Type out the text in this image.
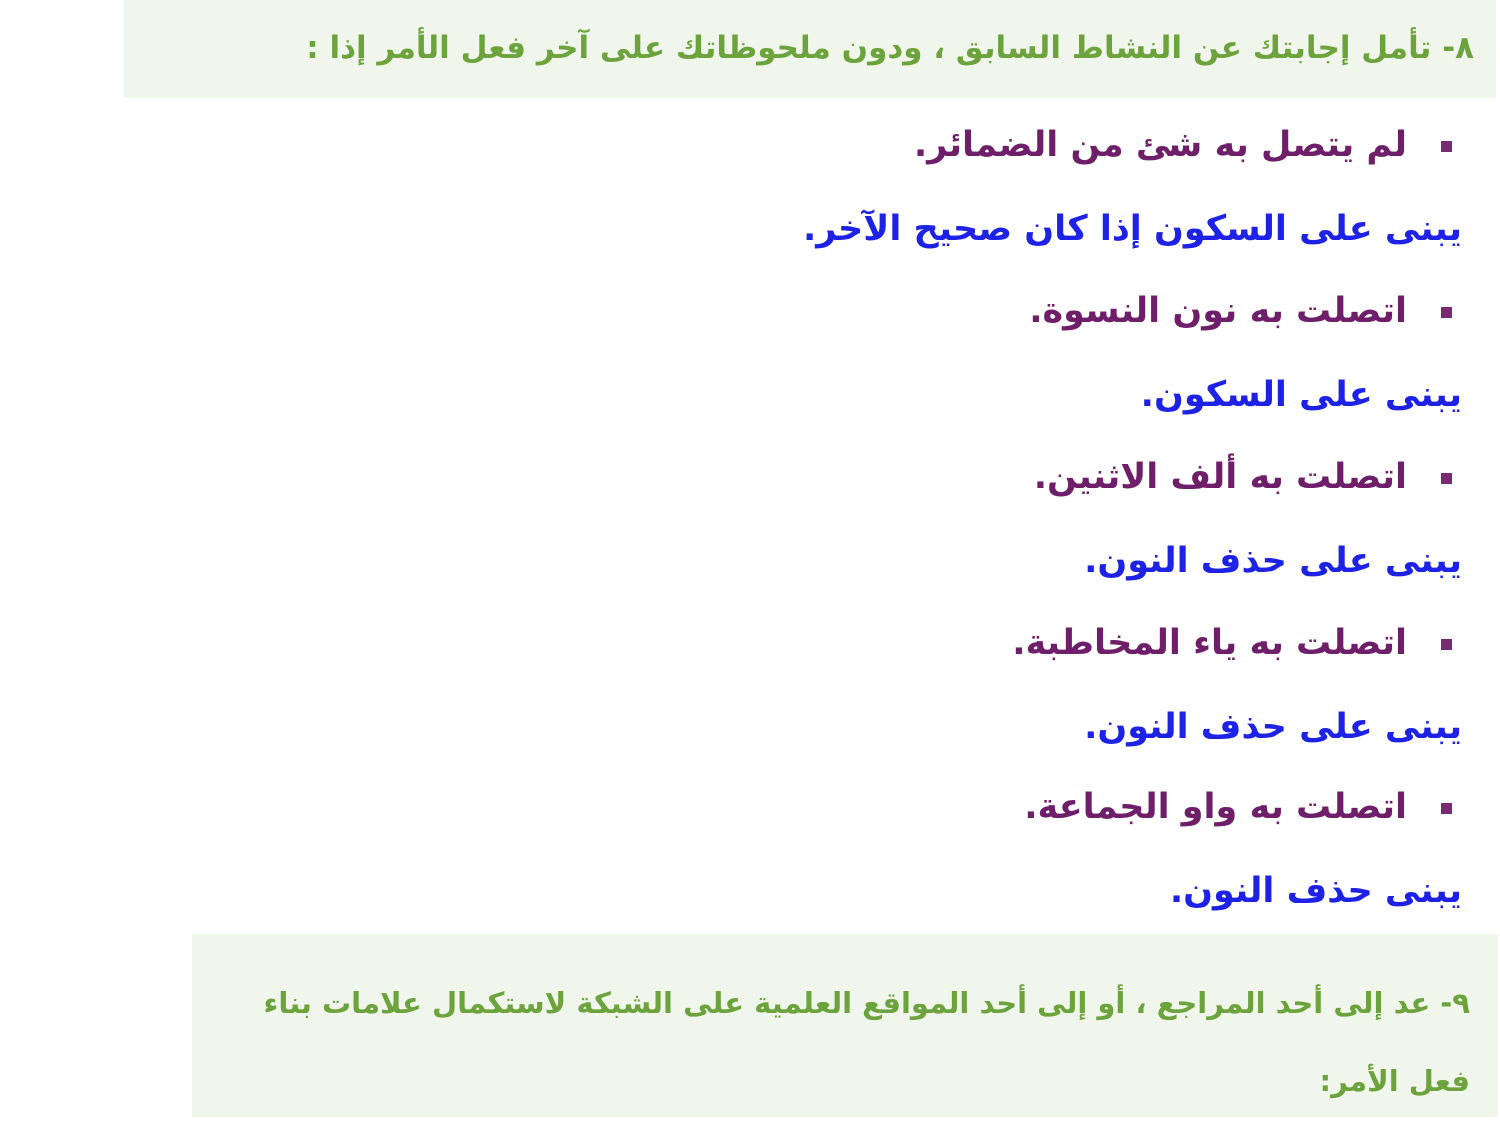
٨- تأمل إجابتك عن النشاط السابق ، ودون ملحوظاتك على آخر فعل الأمر إذا :
لم يتصل به شئ من الضمائر.
يبنى على السكون إذا كان صحيح الآخر.
اتصلت به نون النسوة.
يبنى على السكون.
اتصلت به ألف الاثنين.
يبنى على حذف النون.
اتصلت به ياء المخاطبة.
يبنى على حذف النون.
اتصلت به واو الجماعة.
يبنى حذف النون.
٩- عد إلى أحد المراجع ، أو إلى أحد المواقع العلمية على الشبكة لاستكمال علامات بناء فعل الأمر:
